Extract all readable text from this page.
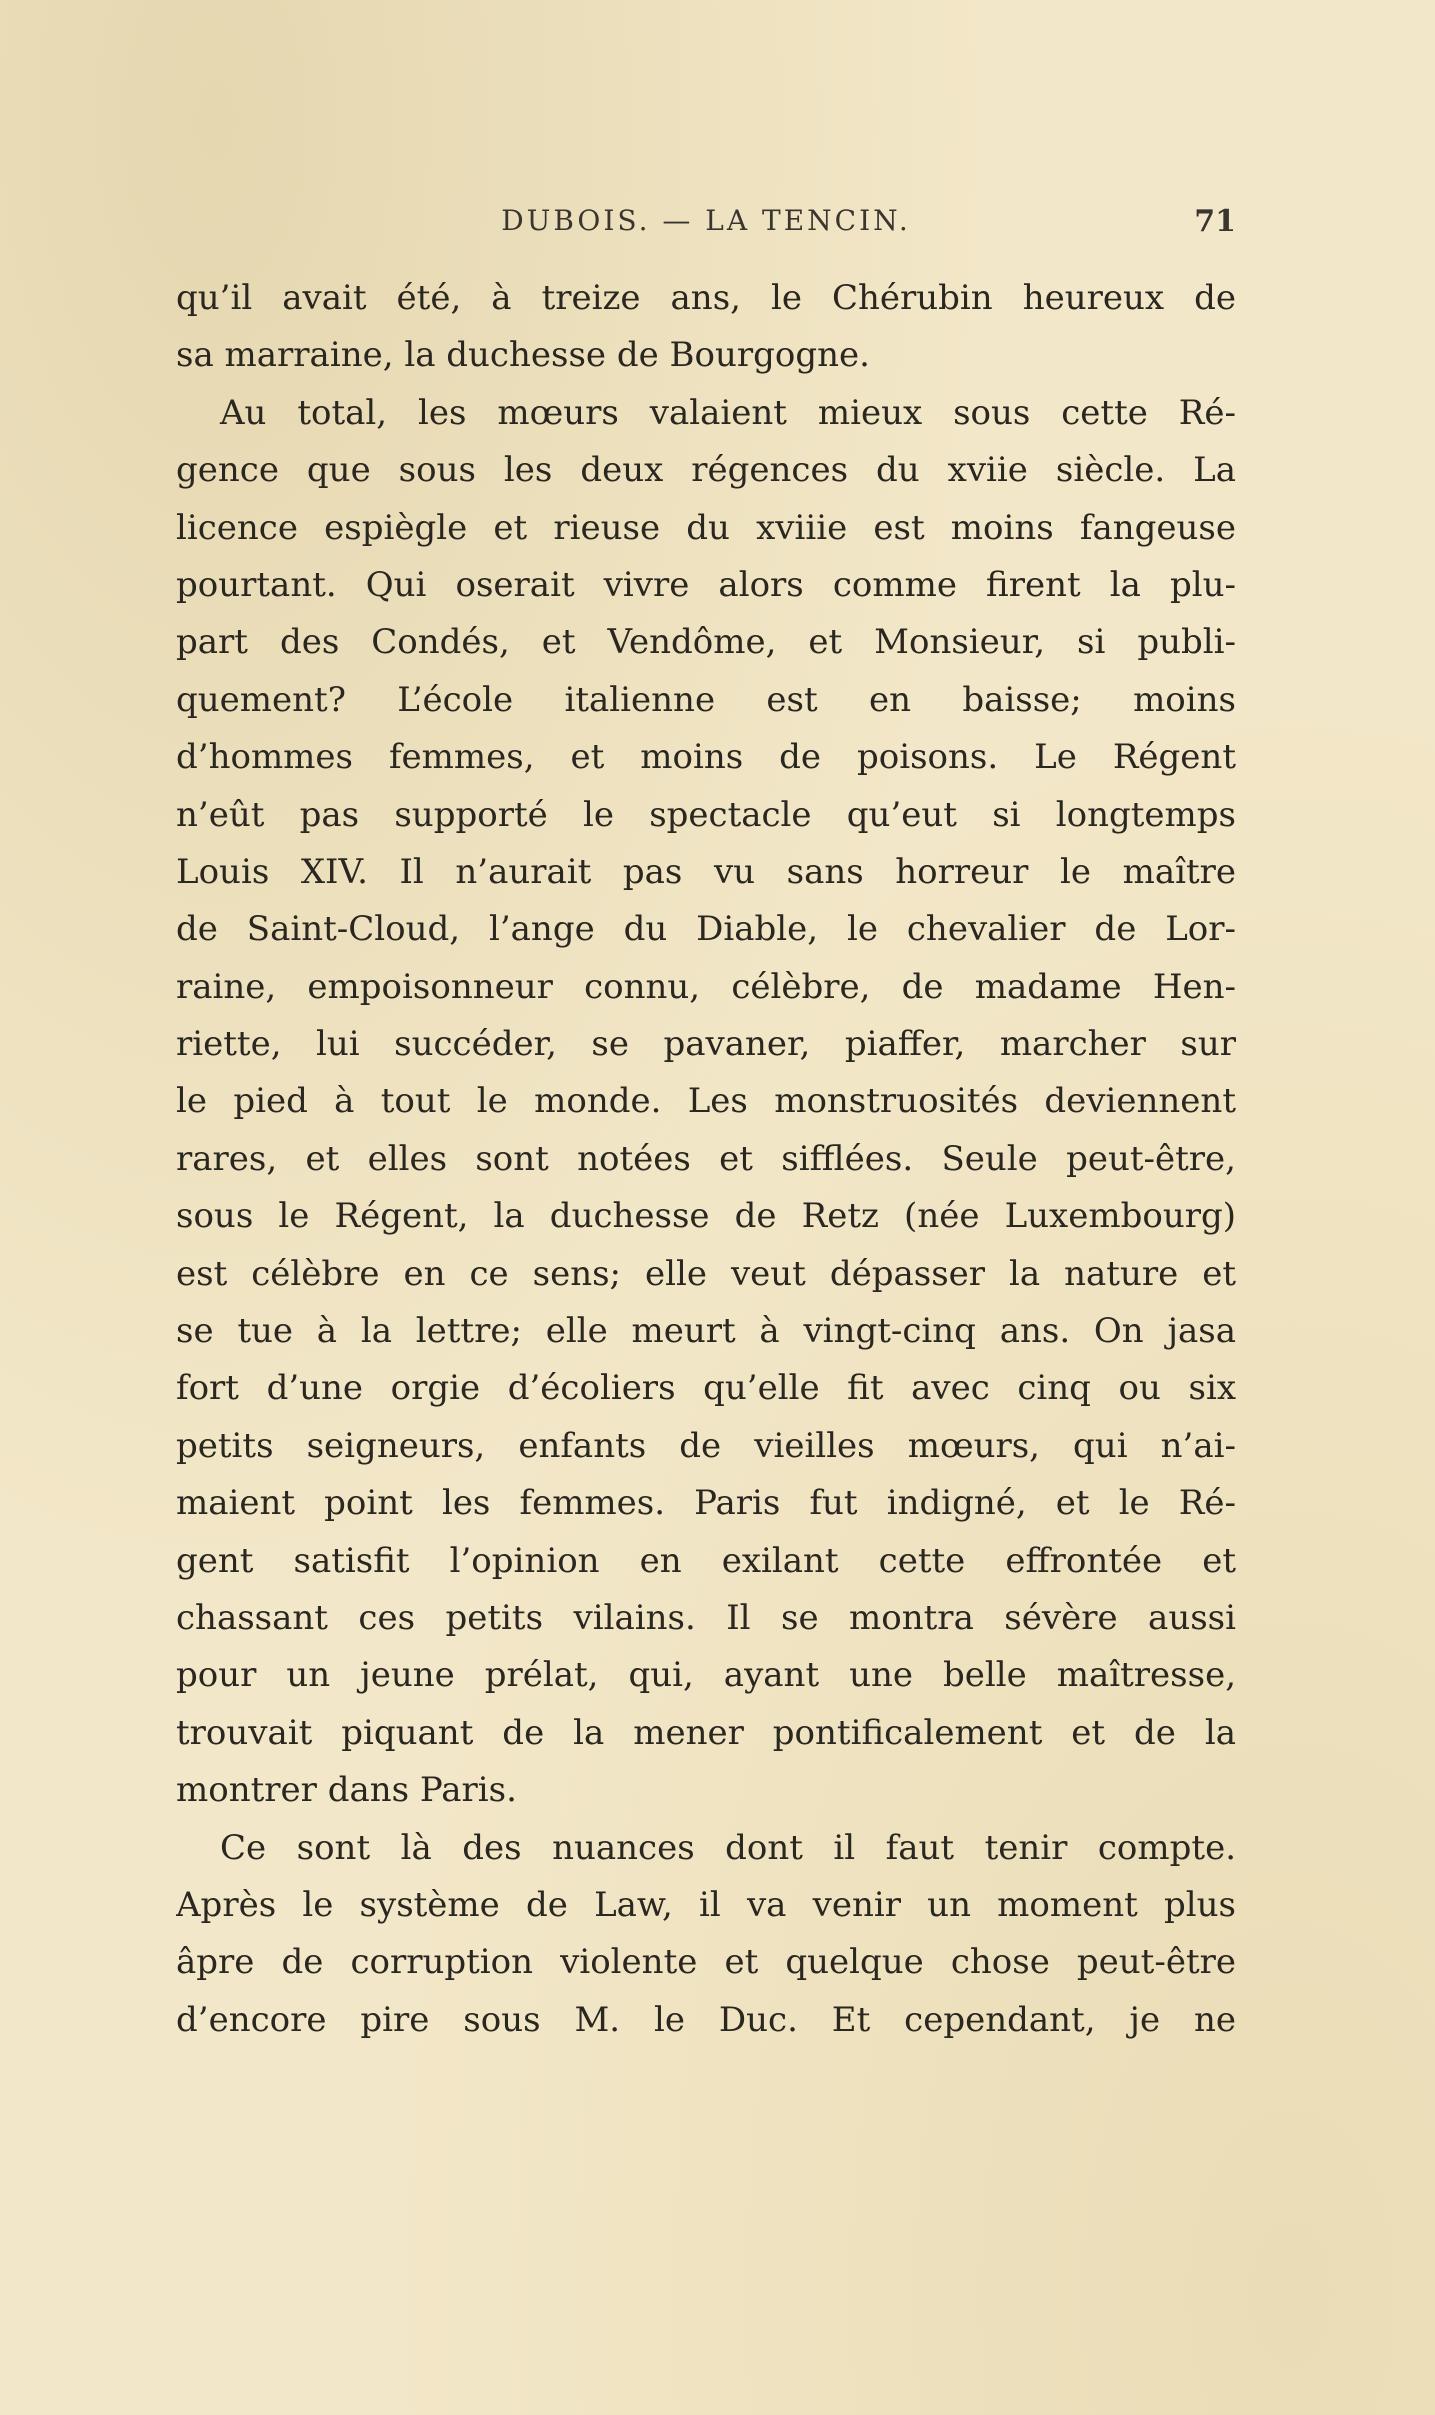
DUBOIS. — LA TENCIN.	71
qu’il avait été, à treize ans, le Chérubin heureux de
sa marraine, la duchesse de Bourgogne.
Au total, les mœurs valaient mieux sous cette Ré-
gence que sous les deux régences du xviie siècle. La
licence espiègle et rieuse du xviiie est moins fangeuse
pourtant. Qui oserait vivre alors comme firent la plu-
part des Condés, et Vendôme, et Monsieur, si publi-
quement? L’école italienne est en baisse; moins
d’hommes femmes, et moins de poisons. Le Régent
n’eût pas supporté le spectacle qu’eut si longtemps
Louis XIV. Il n’aurait pas vu sans horreur le maître
de Saint-Cloud, l’ange du Diable, le chevalier de Lor-
raine, empoisonneur connu, célèbre, de madame Hen-
riette, lui succéder, se pavaner, piaffer, marcher sur
le pied à tout le monde. Les monstruosités deviennent
rares, et elles sont notées et sifflées. Seule peut-être,
sous le Régent, la duchesse de Retz (née Luxembourg)
est célèbre en ce sens; elle veut dépasser la nature et
se tue à la lettre; elle meurt à vingt-cinq ans. On jasa
fort d’une orgie d’écoliers qu’elle fit avec cinq ou six
petits seigneurs, enfants de vieilles mœurs, qui n’ai-
maient point les femmes. Paris fut indigné, et le Ré-
gent satisfit l’opinion en exilant cette effrontée et
chassant ces petits vilains. Il se montra sévère aussi
pour un jeune prélat, qui, ayant une belle maîtresse,
trouvait piquant de la mener pontificalement et de la
montrer dans Paris.
Ce sont là des nuances dont il faut tenir compte.
Après le système de Law, il va venir un moment plus
âpre de corruption violente et quelque chose peut-être
d’encore pire sous M. le Duc. Et cependant, je ne
